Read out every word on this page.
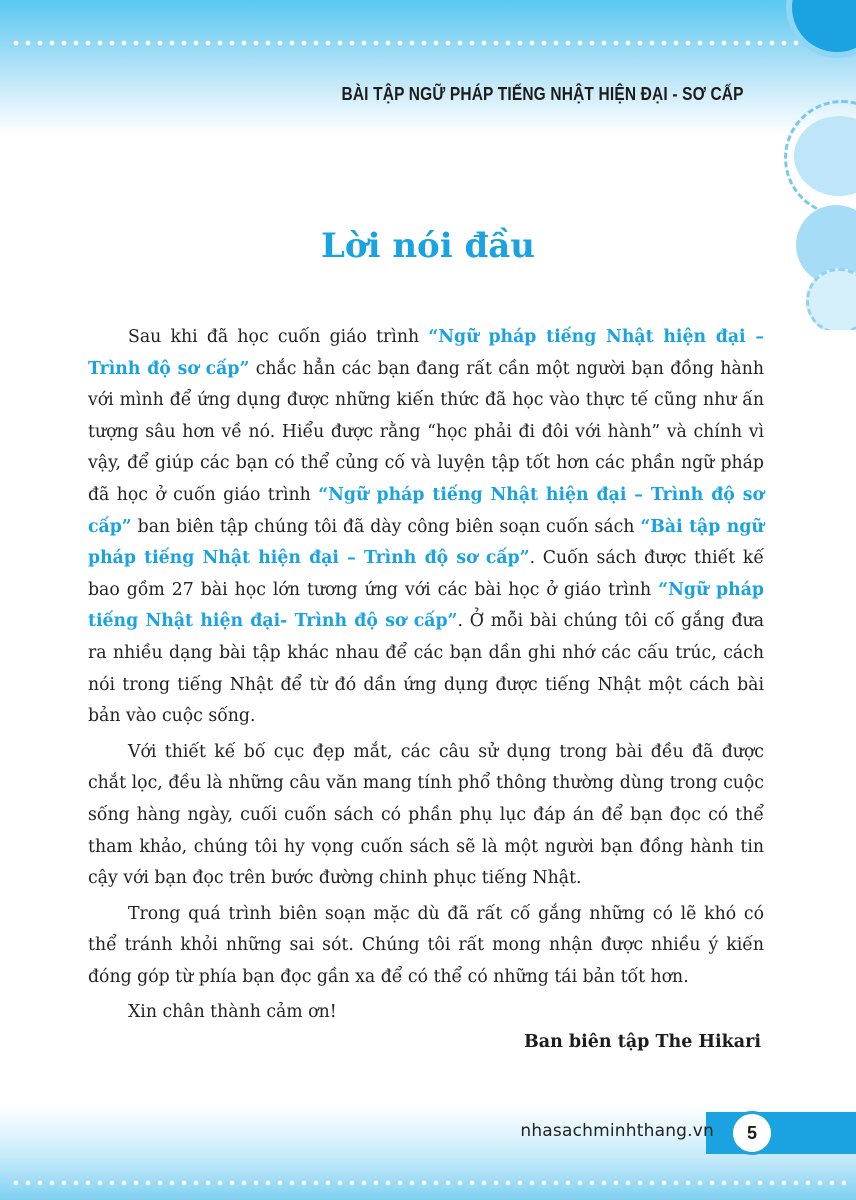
BÀI TẬP NGỮ PHÁP TIẾNG NHẬT HIỆN ĐẠI - SƠ CẤP
Lời nói đầu

Sau khi đã học cuốn giáo trình “Ngữ pháp tiếng Nhật hiện đại – Trình độ sơ cấp” chắc hẳn các bạn đang rất cần một người bạn đồng hành với mình để ứng dụng được những kiến thức đã học vào thực tế cũng như ấn tượng sâu hơn về nó. Hiểu được rằng “học phải đi đôi với hành” và chính vì vậy, để giúp các bạn có thể củng cố và luyện tập tốt hơn các phần ngữ pháp đã học ở cuốn giáo trình “Ngữ pháp tiếng Nhật hiện đại – Trình độ sơ cấp” ban biên tập chúng tôi đã dày công biên soạn cuốn sách “Bài tập ngữ pháp tiếng Nhật hiện đại – Trình độ sơ cấp”. Cuốn sách được thiết kế bao gồm 27 bài học lớn tương ứng với các bài học ở giáo trình “Ngữ pháp tiếng Nhật hiện đại- Trình độ sơ cấp”. Ở mỗi bài chúng tôi cố gắng đưa ra nhiều dạng bài tập khác nhau để các bạn dần ghi nhớ các cấu trúc, cách nói trong tiếng Nhật để từ đó dần ứng dụng được tiếng Nhật một cách bài bản vào cuộc sống.

Với thiết kế bố cục đẹp mắt, các câu sử dụng trong bài đều đã được chắt lọc, đều là những câu văn mang tính phổ thông thường dùng trong cuộc sống hàng ngày, cuối cuốn sách có phần phụ lục đáp án để bạn đọc có thể tham khảo, chúng tôi hy vọng cuốn sách sẽ là một người bạn đồng hành tin cậy với bạn đọc trên bước đường chinh phục tiếng Nhật.

Trong quá trình biên soạn mặc dù đã rất cố gắng những có lẽ khó có thể tránh khỏi những sai sót. Chúng tôi rất mong nhận được nhiều ý kiến đóng góp từ phía bạn đọc gần xa để có thể có những tái bản tốt hơn.

Xin chân thành cảm ơn!

Ban biên tập The Hikari
nhasachminhthang.vn	5
